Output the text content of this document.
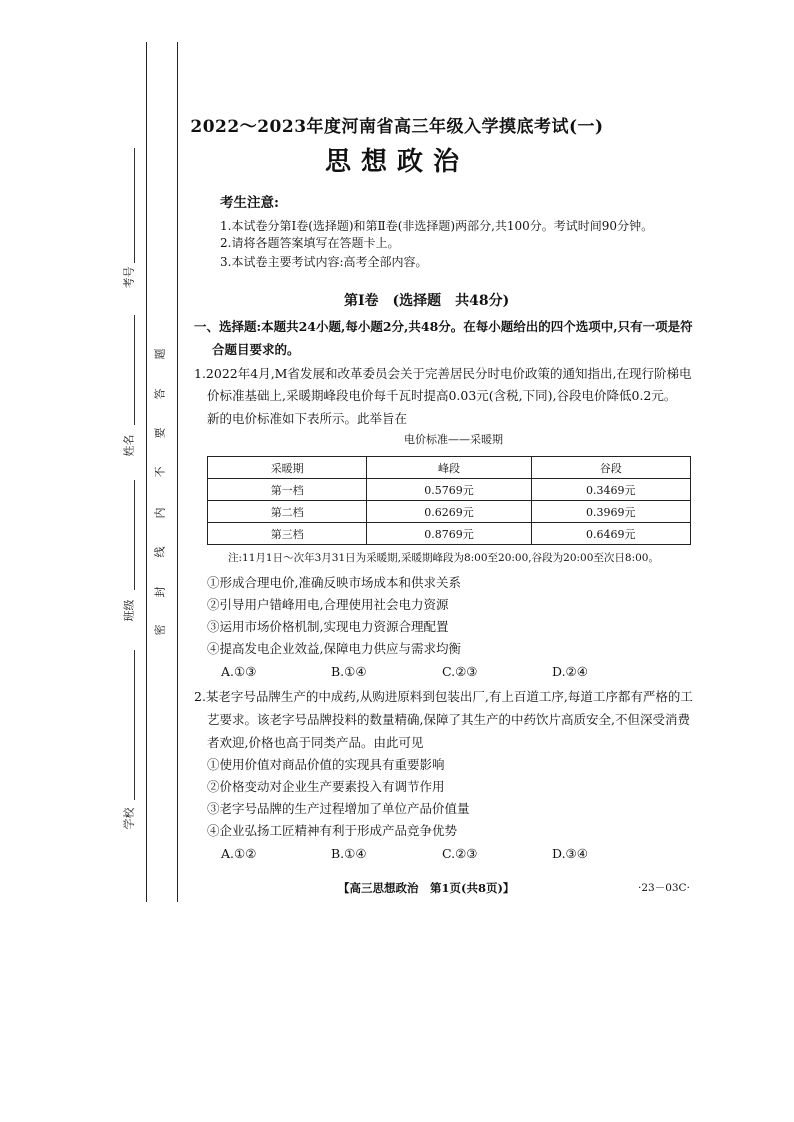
考号
姓名
班级
学校
密
封
线
内
不
要
答
题
2022～2023年度河南省高三年级入学摸底考试(一)
思想政治
考生注意:
1.本试卷分第Ⅰ卷(选择题)和第Ⅱ卷(非选择题)两部分,共100分。考试时间90分钟。
2.请将各题答案填写在答题卡上。
3.本试卷主要考试内容:高考全部内容。
第Ⅰ卷　(选择题　共48分)
一、选择题:本题共24小题,每小题2分,共48分。在每小题给出的四个选项中,只有一项是符
合题目要求的。
1.2022年4月,M省发展和改革委员会关于完善居民分时电价政策的通知指出,在现行阶梯电
价标准基础上,采暖期峰段电价每千瓦时提高0.03元(含税,下同),谷段电价降低0.2元。
新的电价标准如下表所示。此举旨在
电价标准——采暖期
采暖期	峰段	谷段
第一档	0.5769元	0.3469元
第二档	0.6269元	0.3969元
第三档	0.8769元	0.6469元
注:11月1日～次年3月31日为采暖期,采暖期峰段为8:00至20:00,谷段为20:00至次日8:00。
①形成合理电价,准确反映市场成本和供求关系
②引导用户错峰用电,合理使用社会电力资源
③运用市场价格机制,实现电力资源合理配置
④提高发电企业效益,保障电力供应与需求均衡
A.①③	B.①④	C.②③	D.②④
2.某老字号品牌生产的中成药,从购进原料到包装出厂,有上百道工序,每道工序都有严格的工
艺要求。该老字号品牌投料的数量精确,保障了其生产的中药饮片高质安全,不但深受消费
者欢迎,价格也高于同类产品。由此可见
①使用价值对商品价值的实现具有重要影响
②价格变动对企业生产要素投入有调节作用
③老字号品牌的生产过程增加了单位产品价值量
④企业弘扬工匠精神有利于形成产品竞争优势
A.①②	B.①④	C.②③	D.③④
【高三思想政治　第1页(共8页)】	·23－03C·
